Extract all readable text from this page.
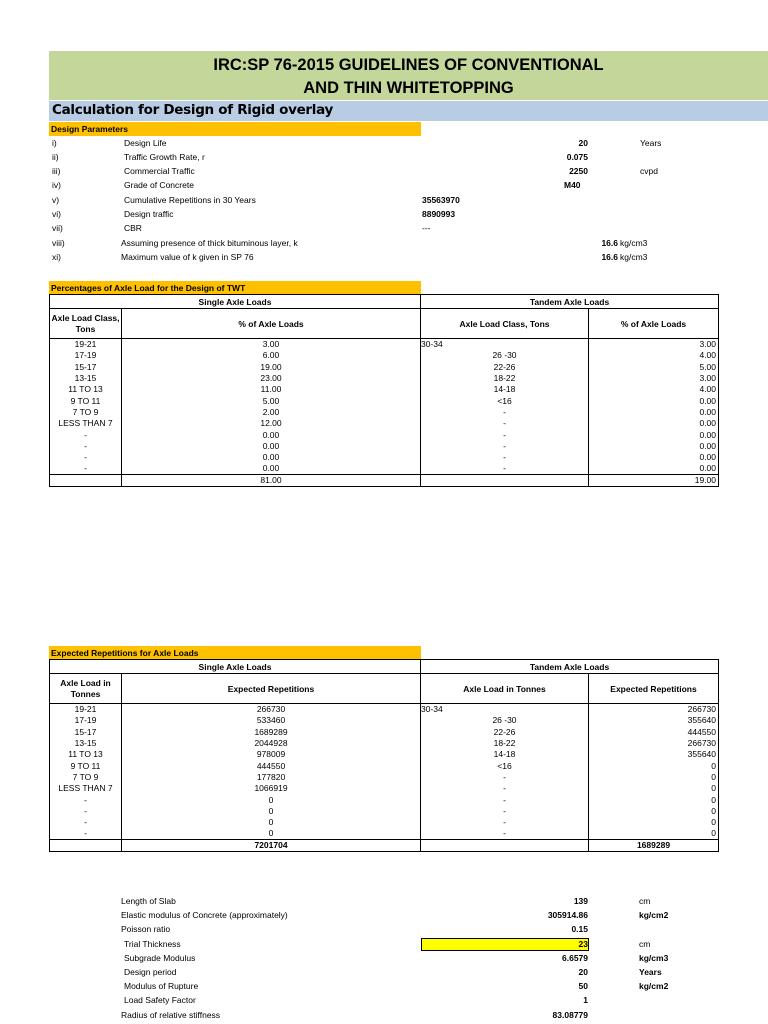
IRC:SP 76-2015 GUIDELINES OF CONVENTIONAL
AND THIN WHITETOPPING
Calculation for Design of Rigid overlay
Design Parameters
i)	Design Life	20	Years
ii)	Traffic Growth Rate, r	0.075
iii)	Commercial Traffic	2250	cvpd
iv)	Grade of Concrete	M40
v)	Cumulative Repetitions in 30 Years	35563970
vi)	Design traffic	8890993
vii)	CBR	---
viii)	Assuming presence of thick bituminous layer, k	16.6 kg/cm3
xi)	Maximum value of k given in SP 76	16.6 kg/cm3
Percentages of Axle Load for the Design of TWT
Single Axle Loads		Tandem Axle Loads	
Axle Load Class, Tons	% of Axle Loads	Axle Load Class, Tons	% of Axle Loads
19-21	3.00	30-34	3.00
17-19	6.00	26 -30	4.00
15-17	19.00	22-26	5.00
13-15	23.00	18-22	3.00
11 TO 13	11.00	14-18	4.00
9 TO 11	5.00	<16	0.00
7 TO 9	2.00	-	0.00
LESS THAN 7	12.00	-	0.00
-	0.00	-	0.00
-	0.00	-	0.00
-	0.00	-	0.00
-	0.00	-	0.00
	81.00		19.00
Expected Repetitions for Axle Loads
Single Axle Loads		Tandem Axle Loads	
Axle Load in Tonnes	Expected Repetitions	Axle Load in Tonnes	Expected Repetitions
19-21	266730	30-34	266730
17-19	533460	26 -30	355640
15-17	1689289	22-26	444550
13-15	2044928	18-22	266730
11 TO 13	978009	14-18	355640
9 TO 11	444550	<16	0
7 TO 9	177820	-	0
LESS THAN 7	1066919	-	0
-	0	-	0
-	0	-	0
-	0	-	0
-	0	-	0
	7201704		1689289
Length of Slab	139	cm
Elastic modulus of Concrete (approximately)	305914.86	kg/cm2
Poisson ratio	0.15
Trial Thickness	23	cm
Subgrade Modulus	6.6579	kg/cm3
Design period	20	Years
Modulus of Rupture	50	kg/cm2
Load Safety Factor	1
Radius of relative stiffness	83.08779
